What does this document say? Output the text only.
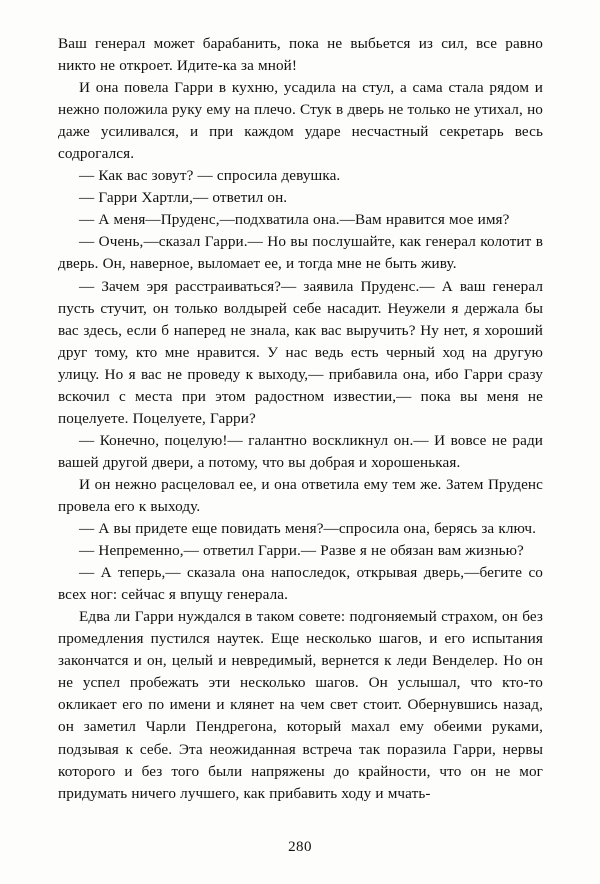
Ваш генерал может барабанить, пока не выбьется из сил, все равно никто не откроет. Идите-ка за мной!

И она повела Гарри в кухню, усадила на стул, а сама стала рядом и нежно положила руку ему на плечо. Стук в дверь не только не утихал, но даже усиливался, и при каждом ударе несчастный секретарь весь содрогался.

— Как вас зовут? — спросила девушка.

— Гарри Хартли,— ответил он.

— А меня—Пруденс,—подхватила она.—Вам нравится мое имя?

— Очень,—сказал Гарри.— Но вы послушайте, как генерал колотит в дверь. Он, наверное, выломает ее, и тогда мне не быть живу.

— Зачем эря расстраиваться?— заявила Пруденс.— А ваш генерал пусть стучит, он только волдырей себе насадит. Неужели я держала бы вас здесь, если б наперед не знала, как вас выручить? Ну нет, я хороший друг тому, кто мне нравится. У нас ведь есть черный ход на другую улицу. Но я вас не проведу к выходу,— прибавила она, ибо Гарри сразу вскочил с места при этом радостном известии,— пока вы меня не поцелуете. Поцелуете, Гарри?

— Конечно, поцелую!— галантно воскликнул он.— И вовсе не ради вашей другой двери, а потому, что вы добрая и хорошенькая.

И он нежно расцеловал ее, и она ответила ему тем же. Затем Пруденс провела его к выходу.

— А вы придете еще повидать меня?—спросила она, берясь за ключ.

— Непременно,— ответил Гарри.— Разве я не обязан вам жизнью?

— А теперь,— сказала она напоследок, открывая дверь,—бегите со всех ног: сейчас я впущу генерала.

Едва ли Гарри нуждался в таком совете: подгоняемый страхом, он без промедления пустился наутек. Еще несколько шагов, и его испытания закончатся и он, целый и невредимый, вернется к леди Венделер. Но он не успел пробежать эти несколько шагов. Он услышал, что кто-то окликает его по имени и клянет на чем свет стоит. Обернувшись назад, он заметил Чарли Пендрегона, который махал ему обеими руками, подзывая к себе. Эта неожиданная встреча так поразила Гарри, нервы которого и без того были напряжены до крайности, что он не мог придумать ничего лучшего, как прибавить ходу и мчать-

280
